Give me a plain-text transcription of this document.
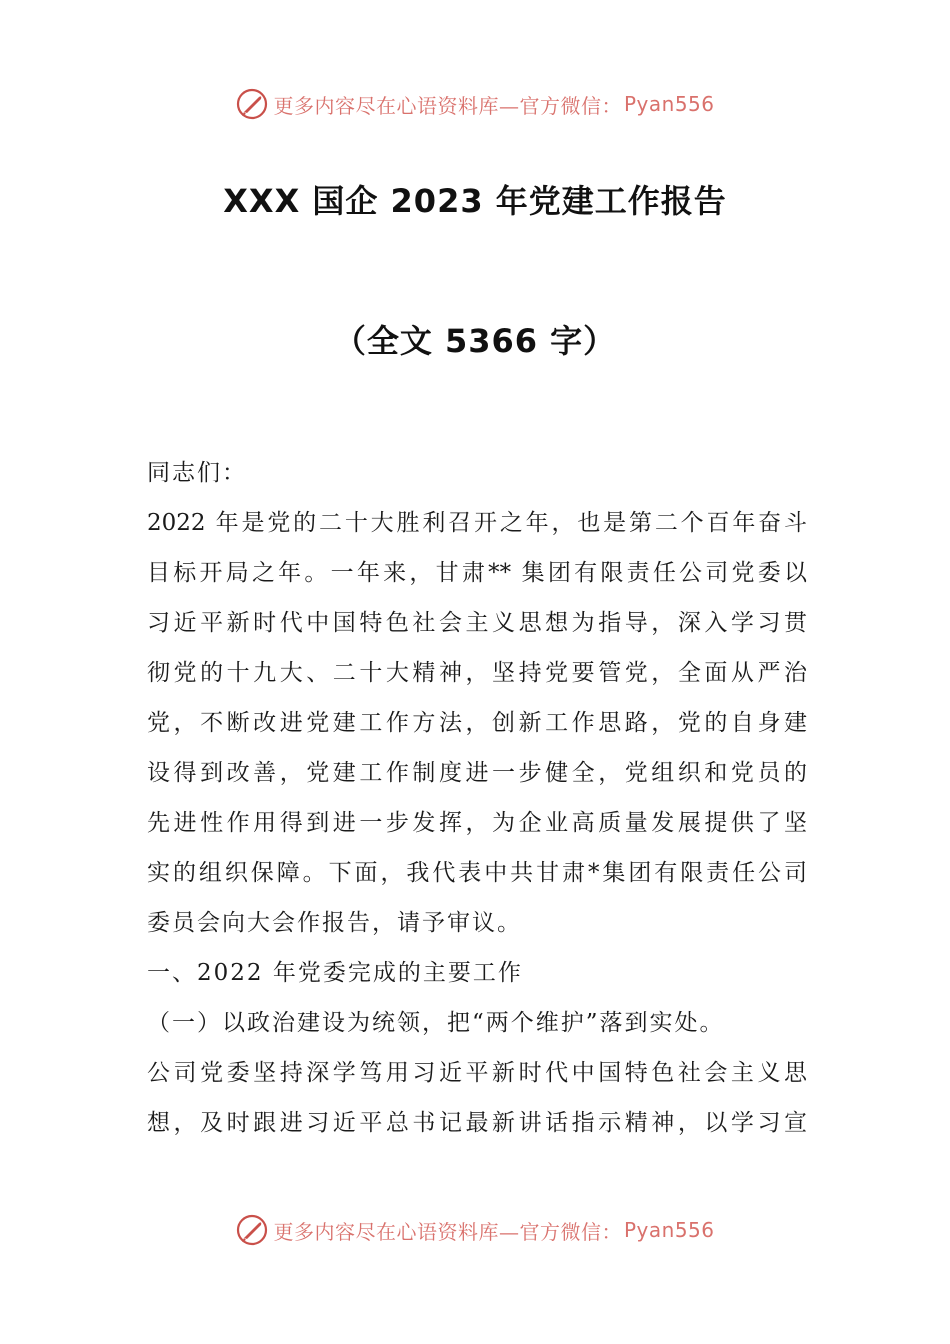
更多内容尽在心语资料库—官方微信： Pyan556
XXX 国企 2023 年党建工作报告
（全文 5366 字）
同志们：
2022 年是党的二十大胜利召开之年，也是第二个百年奋斗
目标开局之年。一年来，甘肃** 集团有限责任公司党委以
习近平新时代中国特色社会主义思想为指导，深入学习贯
彻党的十九大、二十大精神，坚持党要管党，全面从严治
党，不断改进党建工作方法，创新工作思路，党的自身建
设得到改善，党建工作制度进一步健全，党组织和党员的
先进性作用得到进一步发挥，为企业高质量发展提供了坚
实的组织保障。下面，我代表中共甘肃*集团有限责任公司
委员会向大会作报告，请予审议。
一、2022 年党委完成的主要工作
（一）以政治建设为统领，把“两个维护”落到实处。
公司党委坚持深学笃用习近平新时代中国特色社会主义思
想，及时跟进习近平总书记最新讲话指示精神，以学习宣
更多内容尽在心语资料库—官方微信： Pyan556
